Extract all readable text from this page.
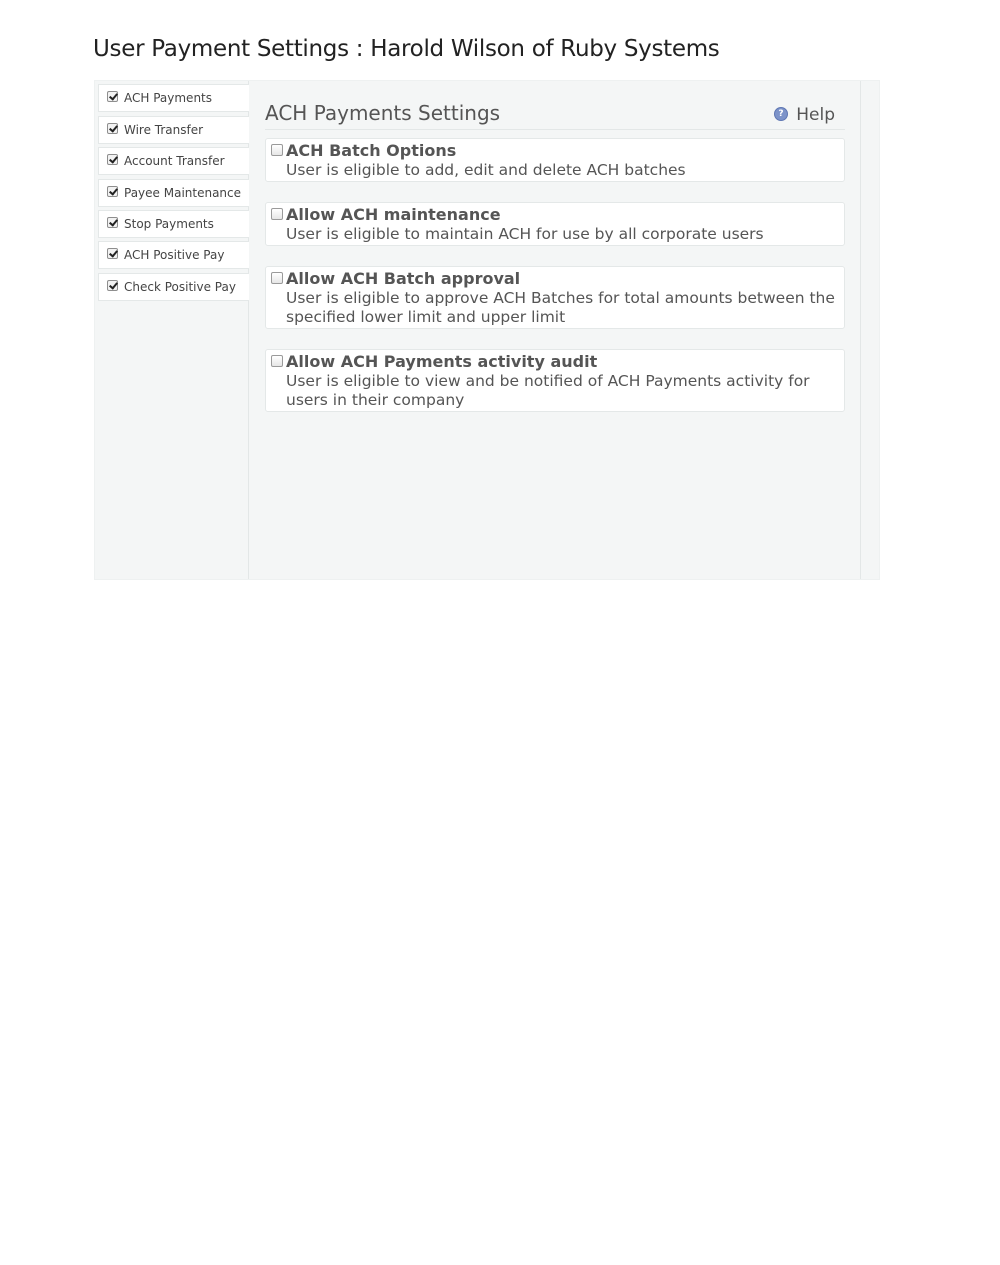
User Payment Settings : Harold Wilson of Ruby Systems
ACH Payments
Wire Transfer
Account Transfer
Payee Maintenance
Stop Payments
ACH Positive Pay
Check Positive Pay
ACH Payments Settings	? Help
ACH Batch Options
User is eligible to add, edit and delete ACH batches
Allow ACH maintenance
User is eligible to maintain ACH for use by all corporate users
Allow ACH Batch approval
User is eligible to approve ACH Batches for total amounts between the specified lower limit and upper limit
Allow ACH Payments activity audit
User is eligible to view and be notified of ACH Payments activity for users in their company
